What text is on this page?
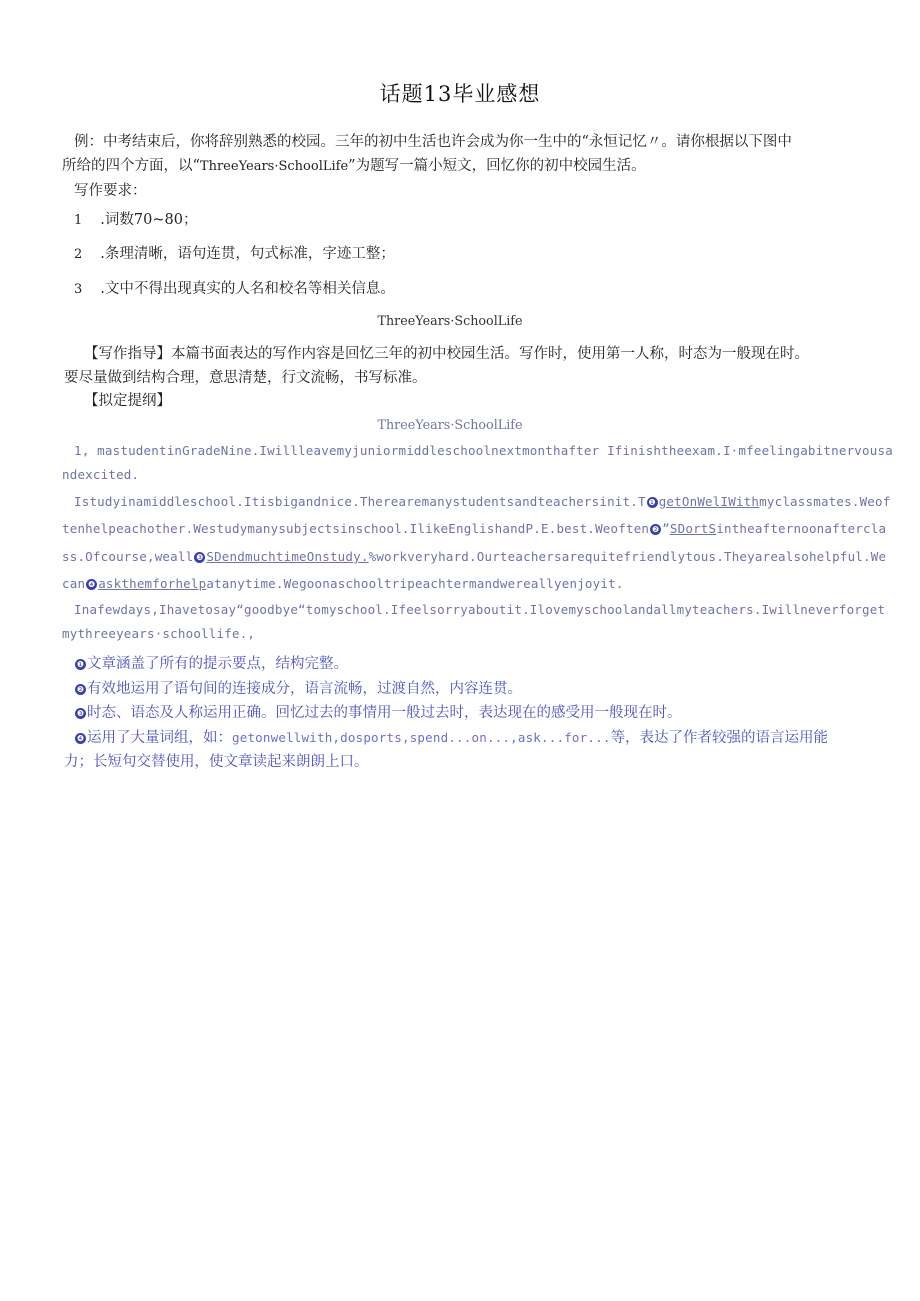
话题13毕业感想
例：中考结束后，你将辞别熟悉的校园。三年的初中生活也许会成为你一生中的“永恒记忆〃。请你根据以下图中
所给的四个方面，以“ThreeYears·SchoolLife”为题写一篇小短文，回忆你的初中校园生活。
写作要求：
1 .词数70~80；
2 .条理清晰，语句连贯，句式标准，字迹工整；
3 .文中不得出现真实的人名和校名等相关信息。
ThreeYears·SchoolLife
【写作指导】本篇书面表达的写作内容是回忆三年的初中校园生活。写作时，使用第一人称，时态为一般现在时。
要尽量做到结构合理，意思清楚，行文流畅，书写标准。
【拟定提纲】
ThreeYears·SchoolLife
1, mastudentinGradeNine.Iwillleavemyjuniormiddleschoolnextmonthafter Ifinishtheexam.I·mfeelingabitnervousa
ndexcited.
Istudyinamiddleschool.Itisbigandnice.Therearemanystudentsandteachersinit.T ❶ getOnWelIWithmyclassmates.Weof
tenhelpeachother.Westudymanysubjectsinschool.IlikeEnglishandP.E.best.Weoften ❷ ”SDortSintheafternoonaftercla
ss.Ofcourse,weall ❸ SDendmuchtimeOnstudy.%workveryhard.Ourteachersarequitefriendlytous.Theyarealsohelpful.We
can ❹ askthemforhelpatanytime.Wegoonaschooltripeachtermandwereallyenjoyit.
Inafewdays,Ihavetosay“goodbye“tomyschool.Ifeelsorryaboutit.Ilovemyschoolandallmyteachers.Iwillneverforget
mythreeyears·schoollife.,
❶ 文章涵盖了所有的提示要点，结构完整。
❷ 有效地运用了语句间的连接成分，语言流畅，过渡自然，内容连贯。
❸ 时态、语态及人称运用正确。回忆过去的事情用一般过去时，表达现在的感受用一般现在时。
❹ 运用了大量词组，如：getonwellwith,dosports,spend...on...,ask...for...等，表达了作者较强的语言运用能
力；长短句交替使用，使文章读起来朗朗上口。
